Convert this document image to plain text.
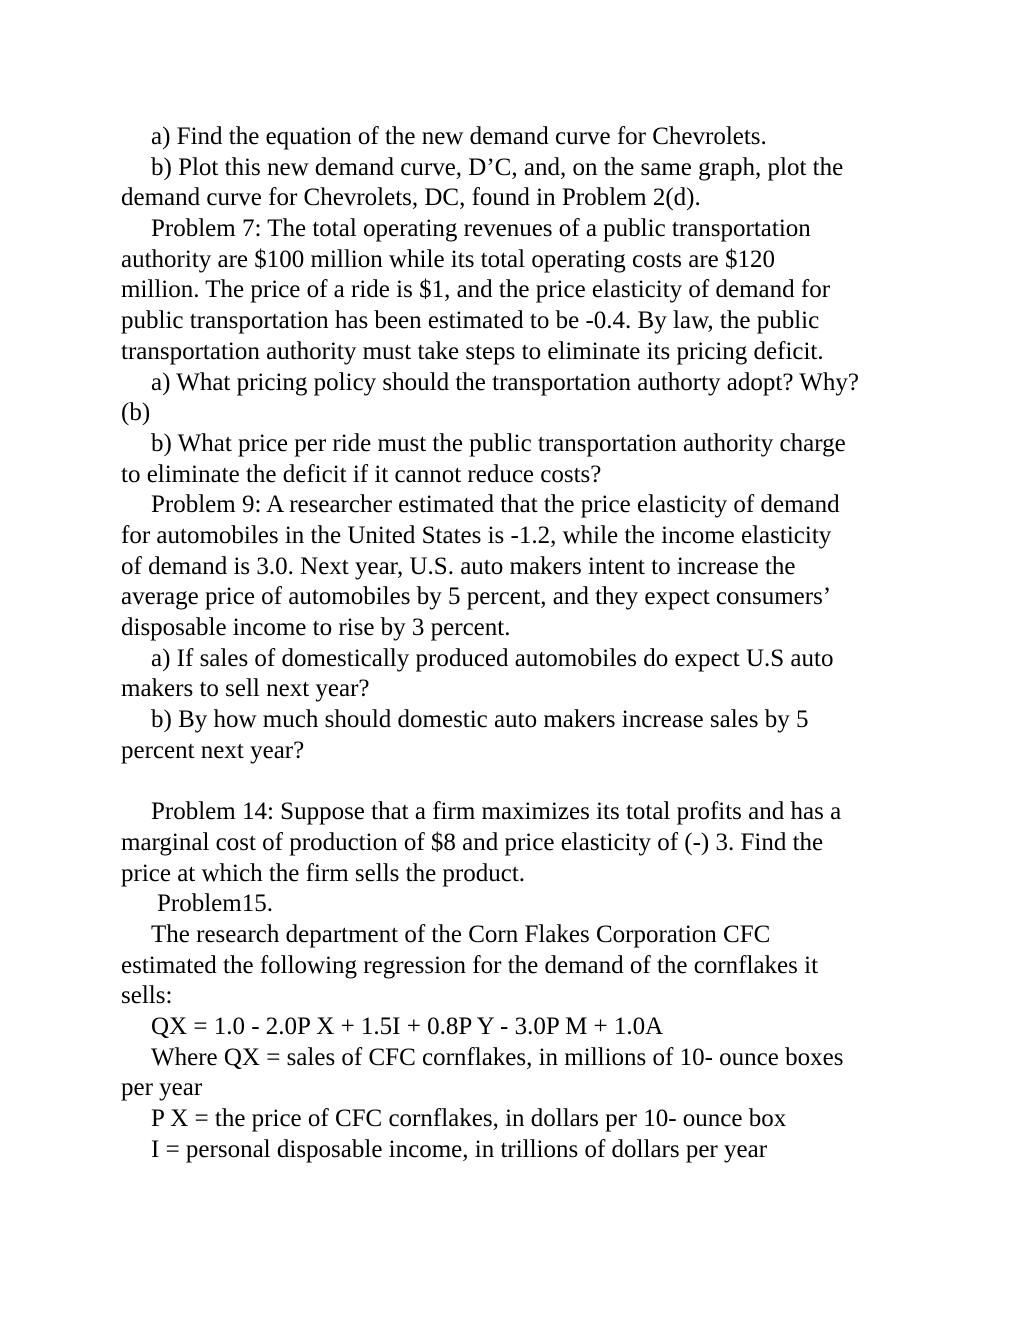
a) Find the equation of the new demand curve for Chevrolets.
b) Plot this new demand curve, D’C, and, on the same graph, plot the
demand curve for Chevrolets, DC, found in Problem 2(d).
Problem 7: The total operating revenues of a public transportation
authority are $100 million while its total operating costs are $120
million. The price of a ride is $1, and the price elasticity of demand for
public transportation has been estimated to be -0.4. By law, the public
transportation authority must take steps to eliminate its pricing deficit.
a) What pricing policy should the transportation authorty adopt? Why?
(b)
b) What price per ride must the public transportation authority charge
to eliminate the deficit if it cannot reduce costs?
Problem 9: A researcher estimated that the price elasticity of demand
for automobiles in the United States is -1.2, while the income elasticity
of demand is 3.0. Next year, U.S. auto makers intent to increase the
average price of automobiles by 5 percent, and they expect consumers’
disposable income to rise by 3 percent.
a) If sales of domestically produced automobiles do expect U.S auto
makers to sell next year?
b) By how much should domestic auto makers increase sales by 5
percent next year?
Problem 14: Suppose that a firm maximizes its total profits and has a
marginal cost of production of $8 and price elasticity of (-) 3. Find the
price at which the firm sells the product.
Problem15.
The research department of the Corn Flakes Corporation CFC
estimated the following regression for the demand of the cornflakes it
sells:
QX = 1.0 - 2.0P X + 1.5I + 0.8P Y - 3.0P M + 1.0A
Where QX = sales of CFC cornflakes, in millions of 10- ounce boxes
per year
P X = the price of CFC cornflakes, in dollars per 10- ounce box
I = personal disposable income, in trillions of dollars per year
